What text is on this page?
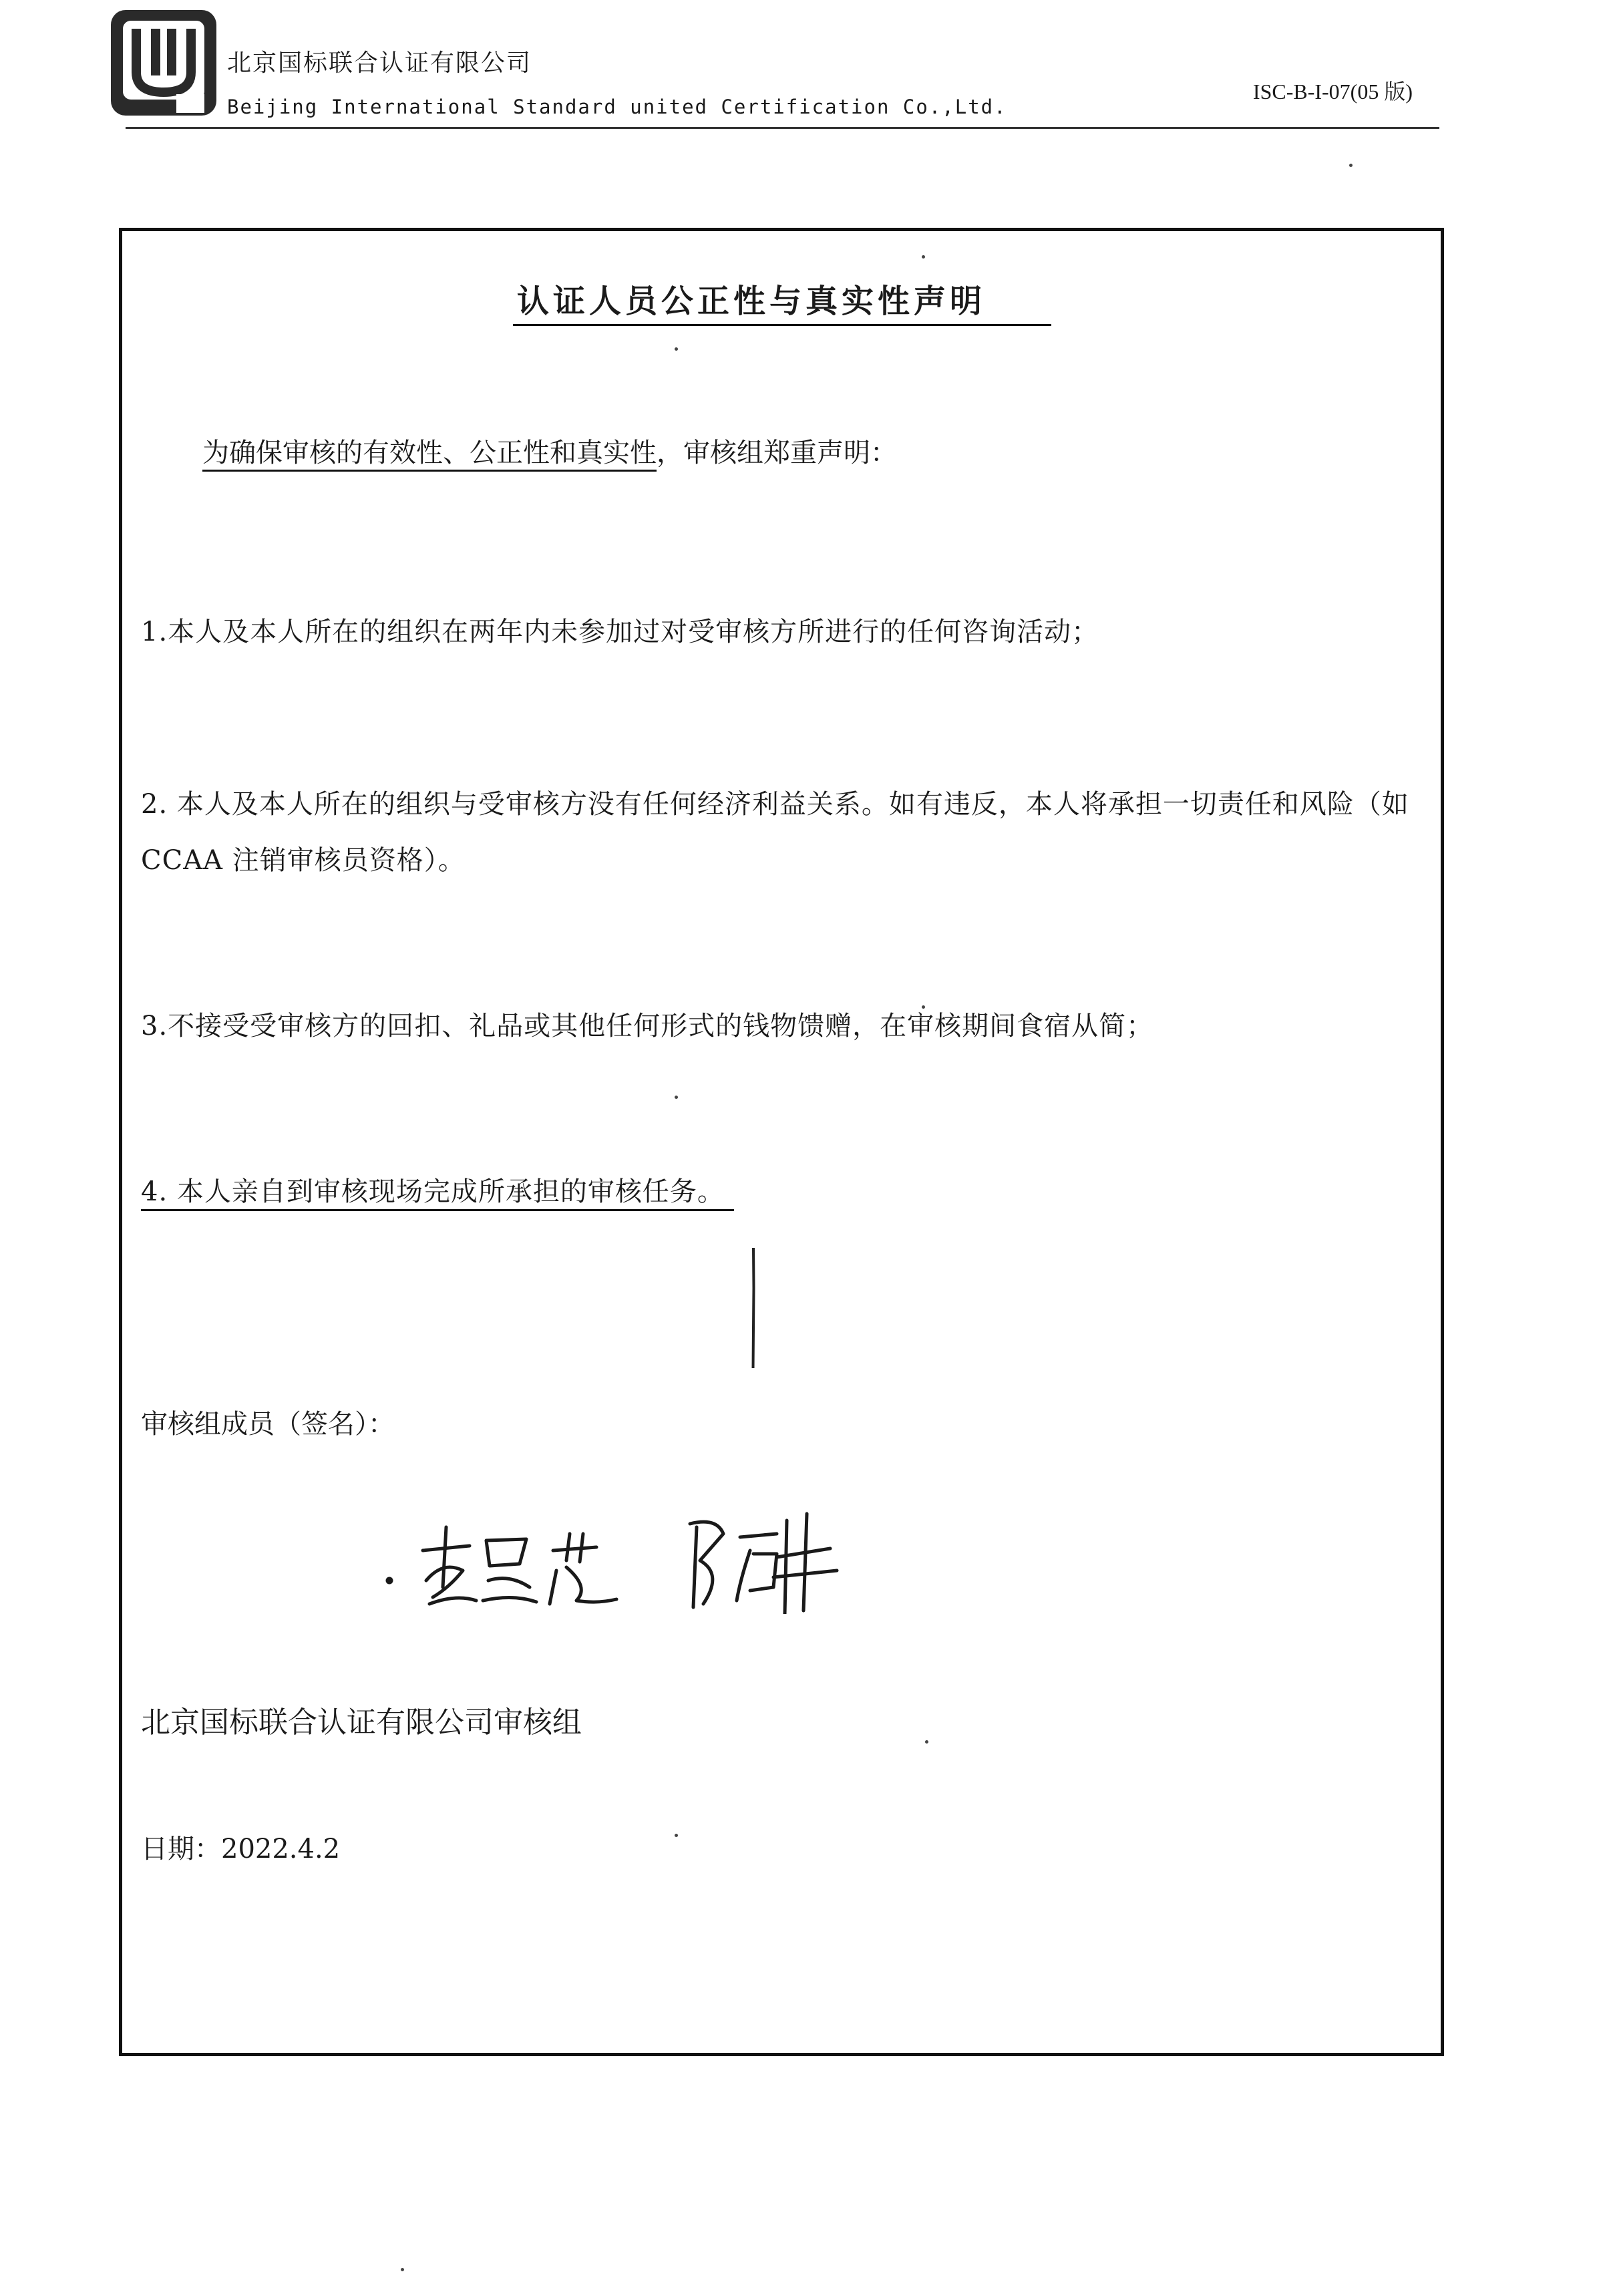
北京国标联合认证有限公司
Beijing International Standard united Certification Co.,Ltd.
ISC-B-I-07(05 版)
认证人员公正性与真实性声明
为确保审核的有效性、公正性和真实性，审核组郑重声明：
1.本人及本人所在的组织在两年内未参加过对受审核方所进行的任何咨询活动；
2. 本人及本人所在的组织与受审核方没有任何经济利益关系。如有违反，本人将承担一切责任和风险（如 CCAA 注销审核员资格）。
3.不接受受审核方的回扣、礼品或其他任何形式的钱物馈赠，在审核期间食宿从简；
4. 本人亲自到审核现场完成所承担的审核任务。
审核组成员（签名）：
北京国标联合认证有限公司审核组
日期：2022.4.2
